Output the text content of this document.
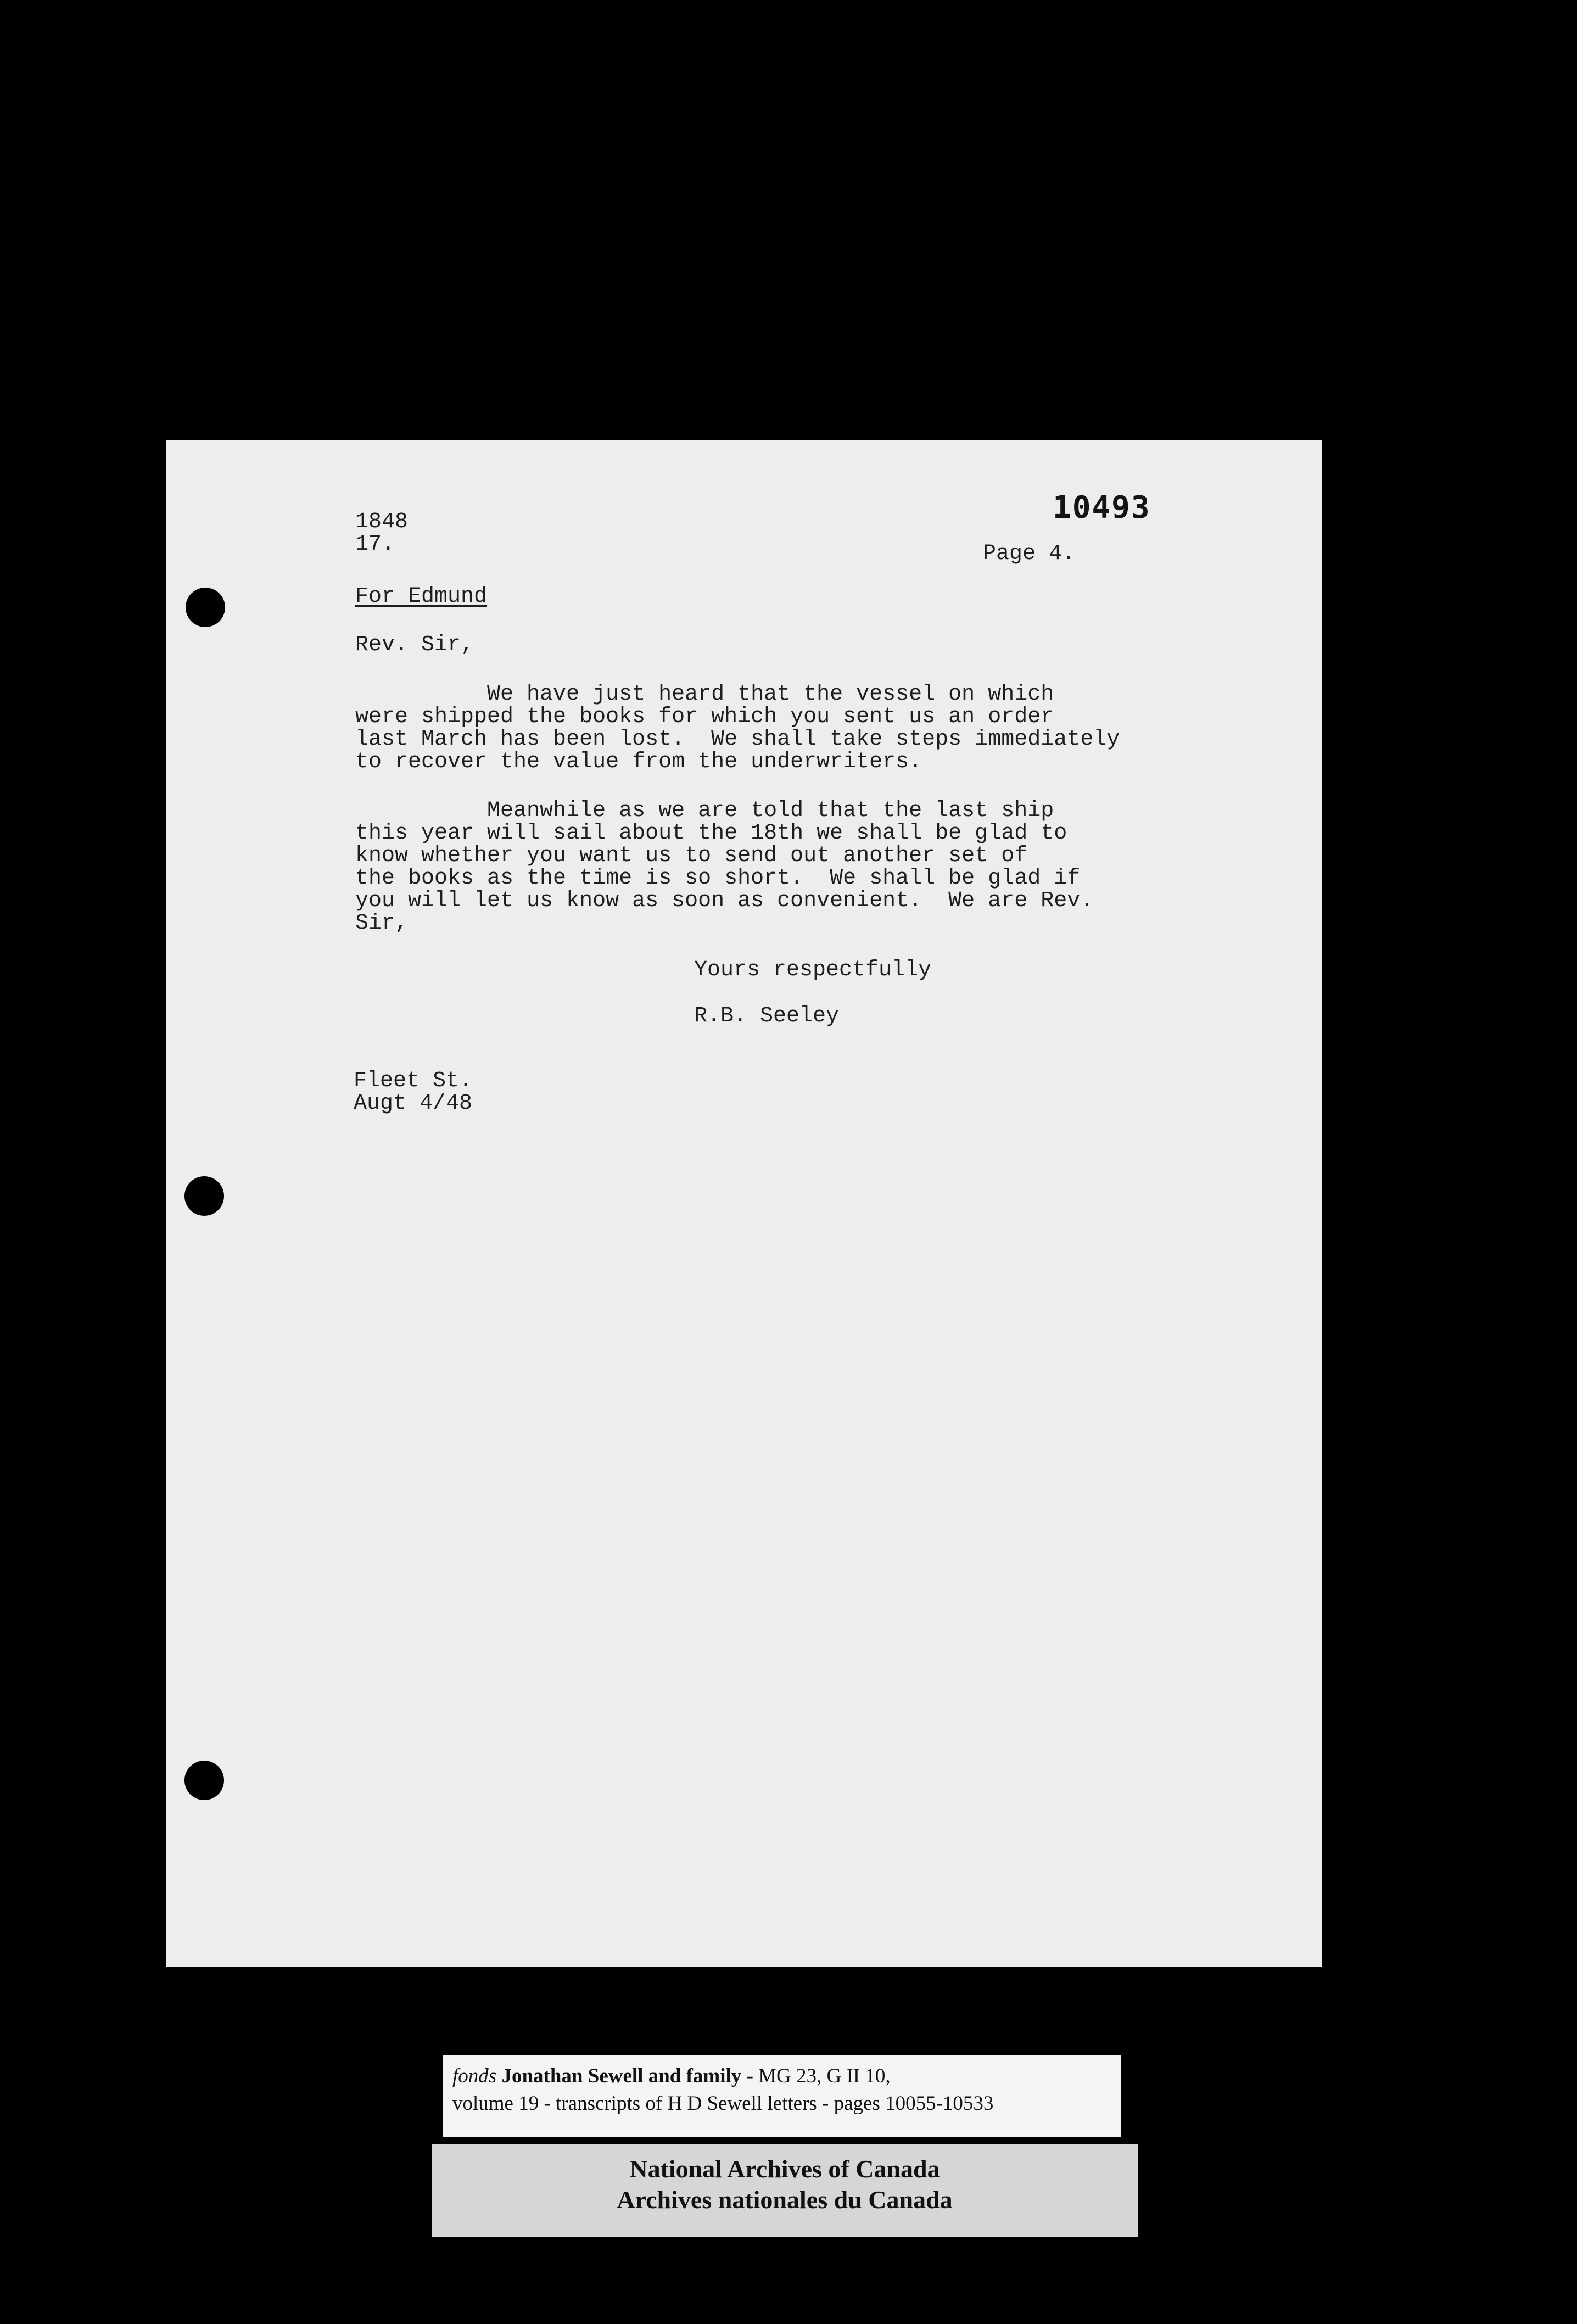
10493
1848
17.	Page 4.
For Edmund
Rev. Sir,
We have just heard that the vessel on which
were shipped the books for which you sent us an order
last March has been lost.  We shall take steps immediately
to recover the value from the underwriters.
Meanwhile as we are told that the last ship
this year will sail about the 18th we shall be glad to
know whether you want us to send out another set of
the books as the time is so short.  We shall be glad if
you will let us know as soon as convenient.  We are Rev.
Sir,
Yours respectfully
R.B. Seeley
Fleet St.
Augt 4/48
fonds Jonathan Sewell and family - MG 23, G II 10,
volume 19 - transcripts of H D Sewell letters - pages 10055-10533
National Archives of Canada
Archives nationales du Canada
